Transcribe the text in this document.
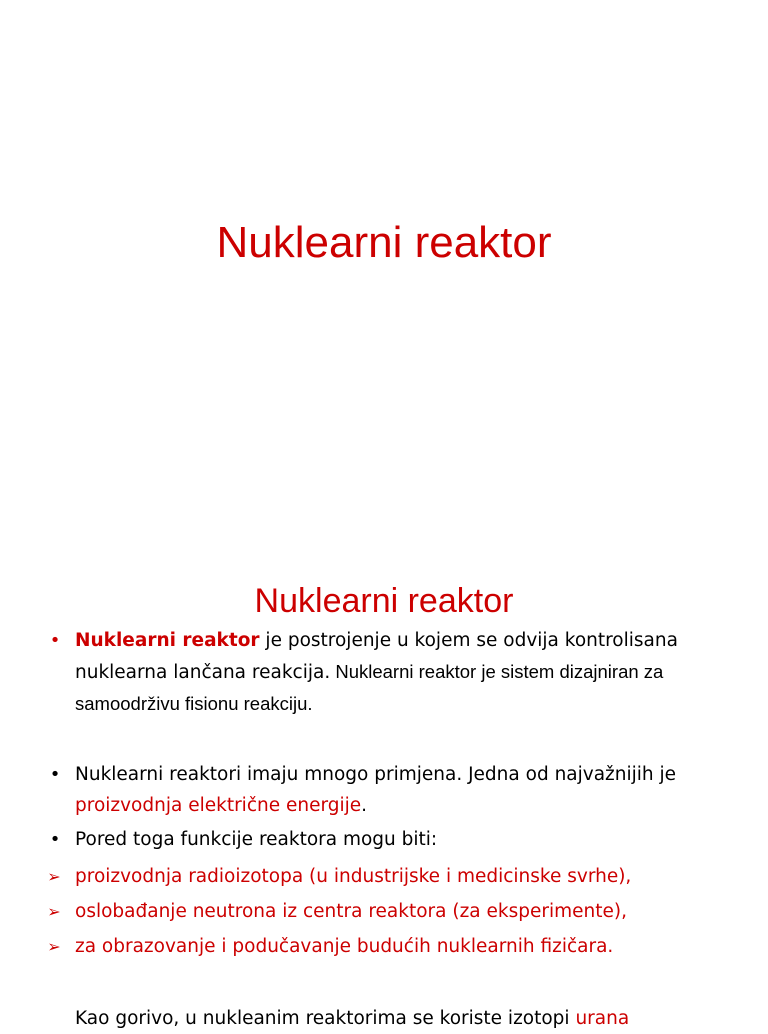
Nuklearni reaktor
Nuklearni reaktor
• Nuklearni reaktor je postrojenje u kojem se odvija kontrolisana nuklearna lančana reakcija. Nuklearni reaktor je sistem dizajniran za samoodrživu fisionu reakciju.
• Nuklearni reaktori imaju mnogo primjena. Jedna od najvažnijih je proizvodnja električne energije.
• Pored toga funkcije reaktora mogu biti:
➢ proizvodnja radioizotopa (u industrijske i medicinske svrhe),
➢ oslobađanje neutrona iz centra reaktora (za eksperimente),
➢ za obrazovanje i podučavanje budućih nuklearnih fizičara.
Kao gorivo, u nukleanim reaktorima se koriste izotopi urana
